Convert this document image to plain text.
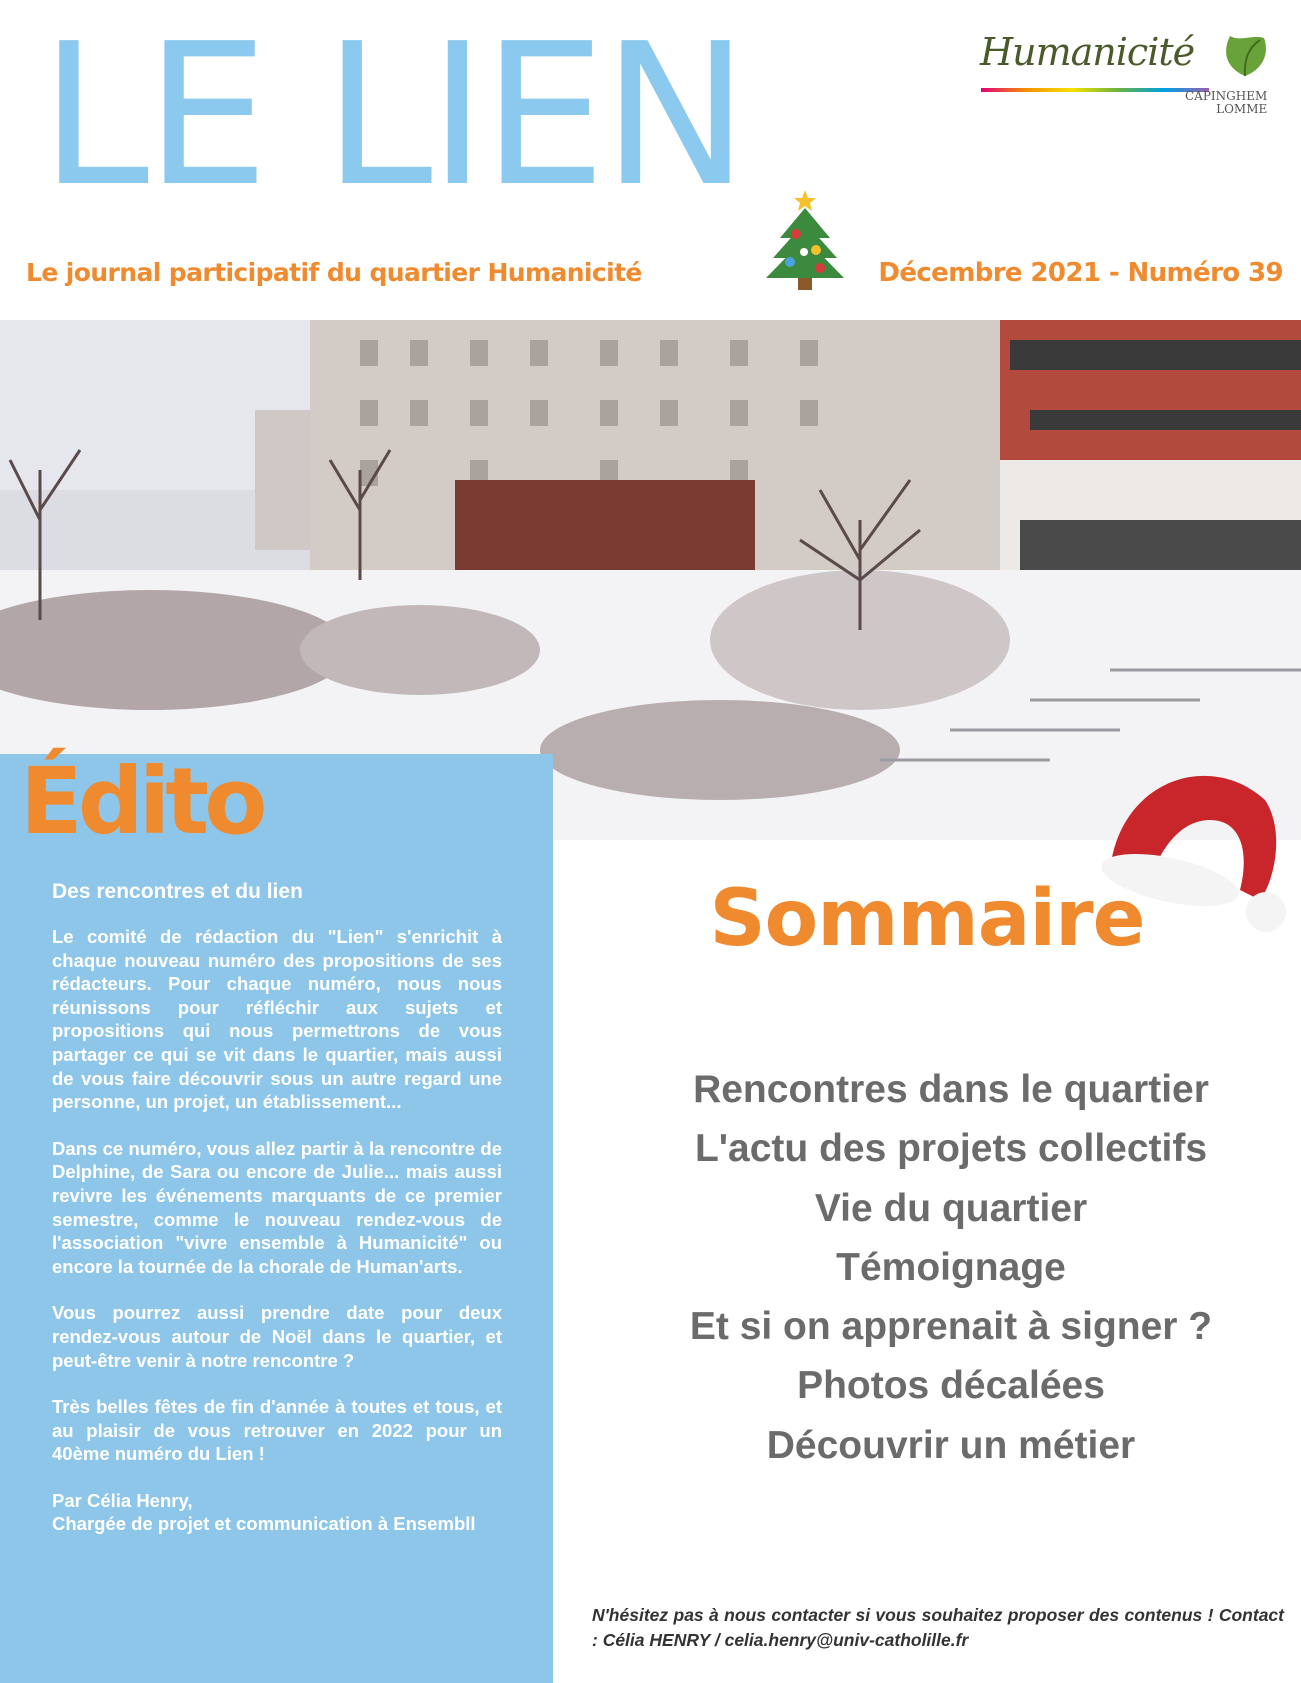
LE LIEN	Humanicité
CAPINGHEM
LOMME
Le journal participatif du quartier Humanicité	Décembre 2021 - Numéro 39
Édito
Des rencontres et du lien

Le comité de rédaction du "Lien" s'enrichit à chaque nouveau numéro des propositions de ses rédacteurs. Pour chaque numéro, nous nous réunissons pour réfléchir aux sujets et propositions qui nous permettrons de vous partager ce qui se vit dans le quartier, mais aussi de vous faire découvrir sous un autre regard une personne, un projet, un établissement...

Dans ce numéro, vous allez partir à la rencontre de Delphine, de Sara ou encore de Julie... mais aussi revivre les événements marquants de ce premier semestre, comme le nouveau rendez-vous de l'association "vivre ensemble à Humanicité" ou encore la tournée de la chorale de Human'arts.

Vous pourrez aussi prendre date pour deux rendez-vous autour de Noël dans le quartier, et peut-être venir à notre rencontre ?

Très belles fêtes de fin d'année à toutes et tous, et au plaisir de vous retrouver en 2022 pour un 40ème numéro du Lien !

Par Célia Henry,
Chargée de projet et communication à Ensembll

Sommaire
Rencontres dans le quartier
L'actu des projets collectifs
Vie du quartier
Témoignage
Et si on apprenait à signer ?
Photos décalées
Découvrir un métier
N'hésitez pas à nous contacter si vous souhaitez proposer des contenus ! Contact : Célia HENRY / celia.henry@univ-catholille.fr
